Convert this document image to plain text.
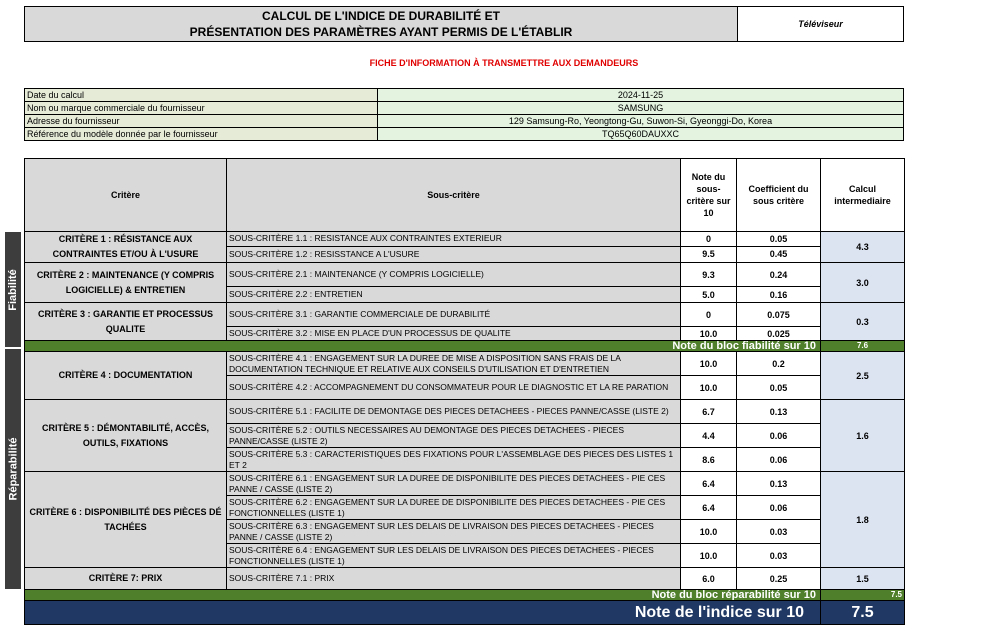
CALCUL DE L'INDICE DE DURABILITÉ ET
PRÉSENTATION DES PARAMÈTRES AYANT PERMIS DE L'ÉTABLIR
Téléviseur
FICHE D'INFORMATION À TRANSMETTRE AUX DEMANDEURS
Date du calcul	2024-11-25
Nom ou marque commerciale du fournisseur	SAMSUNG
Adresse du fournisseur	129 Samsung-Ro, Yeongtong-Gu, Suwon-Si, Gyeonggi-Do, Korea
Référence du modèle donnée par le fournisseur	TQ65Q60DAUXXC
Fiabilité
Réparabilité
Critère	Sous-critère	Note du sous-critère sur 10	Coefficient du sous critère	Calcul intermediaire
CRITÈRE 1 : RÉSISTANCE AUX CONTRAINTES ET/OU À L'USURE	SOUS-CRITÈRE 1.1 : RESISTANCE AUX CONTRAINTES EXTERIEUR	0	0.05	4.3
	SOUS-CRITÈRE 1.2 : RESISSTANCE A L'USURE	9.5	0.45	
CRITÈRE 2 : MAINTENANCE (Y COMPRIS LOGICIELLE) & ENTRETIEN	SOUS-CRITÈRE 2.1 : MAINTENANCE (Y COMPRIS LOGICIELLE)	9.3	0.24	3.0
	SOUS-CRITÈRE 2.2 : ENTRETIEN	5.0	0.16	
CRITÈRE 3 : GARANTIE ET PROCESSUS QUALITE	SOUS-CRITÈRE 3.1 : GARANTIE COMMERCIALE DE DURABILITÉ	0	0.075	0.3
	SOUS-CRITÈRE 3.2 : MISE EN PLACE D'UN PROCESSUS DE QUALITE	10.0	0.025	
Note du bloc fiabilité sur 10				7.6
CRITÈRE 4 : DOCUMENTATION	SOUS-CRITÈRE 4.1 : ENGAGEMENT SUR LA DUREE DE MISE A DISPOSITION SANS FRAIS DE LA DOCUMENTATION TECHNIQUE ET RELATIVE AUX CONSEILS D'UTILISATION ET D'ENTRETIEN	10.0	0.2	2.5
	SOUS-CRITÈRE 4.2 : ACCOMPAGNEMENT DU CONSOMMATEUR POUR LE DIAGNOSTIC ET LA RE PARATION	10.0	0.05	
CRITÈRE 5 : DÉMONTABILITÉ, ACCÈS, OUTILS, FIXATIONS	SOUS-CRITÈRE 5.1 : FACILITE DE DEMONTAGE DES PIECES DETACHEES - PIECES PANNE/CASSE (LISTE 2)	6.7	0.13	1.6
	SOUS-CRITÈRE 5.2 : OUTILS NECESSAIRES AU DEMONTAGE DES PIECES DETACHEES - PIECES PANNE/CASSE (LISTE 2)	4.4	0.06	
	SOUS-CRITÈRE 5.3 : CARACTERISTIQUES DES FIXATIONS POUR L'ASSEMBLAGE DES PIECES DES LISTES 1 ET 2	8.6	0.06	
CRITÈRE 6 : DISPONIBILITÉ DES PIÈCES DÉ TACHÉES	SOUS-CRITÈRE 6.1 : ENGAGEMENT SUR LA DUREE DE DISPONIBILITE DES PIECES DETACHEES - PIE CES PANNE / CASSE (LISTE 2)	6.4	0.13	1.8
	SOUS-CRITÈRE 6.2 : ENGAGEMENT SUR LA DUREE DE DISPONIBILITE DES PIECES DETACHEES - PIE CES FONCTIONNELLES (LISTE 1)	6.4	0.06	
	SOUS-CRITÈRE 6.3 : ENGAGEMENT SUR LES DELAIS DE LIVRAISON DES PIECES DETACHEES - PIECES PANNE / CASSE (LISTE 2)	10.0	0.03	
	SOUS-CRITÈRE 6.4 : ENGAGEMENT SUR LES DELAIS DE LIVRAISON DES PIECES DETACHEES - PIECES FONCTIONNELLES (LISTE 1)	10.0	0.03	
CRITÈRE 7: PRIX	SOUS-CRITÈRE 7.1 : PRIX	6.0	0.25	1.5
Note du bloc réparabilité sur 10				7.5
Note de l'indice sur 10				7.5
